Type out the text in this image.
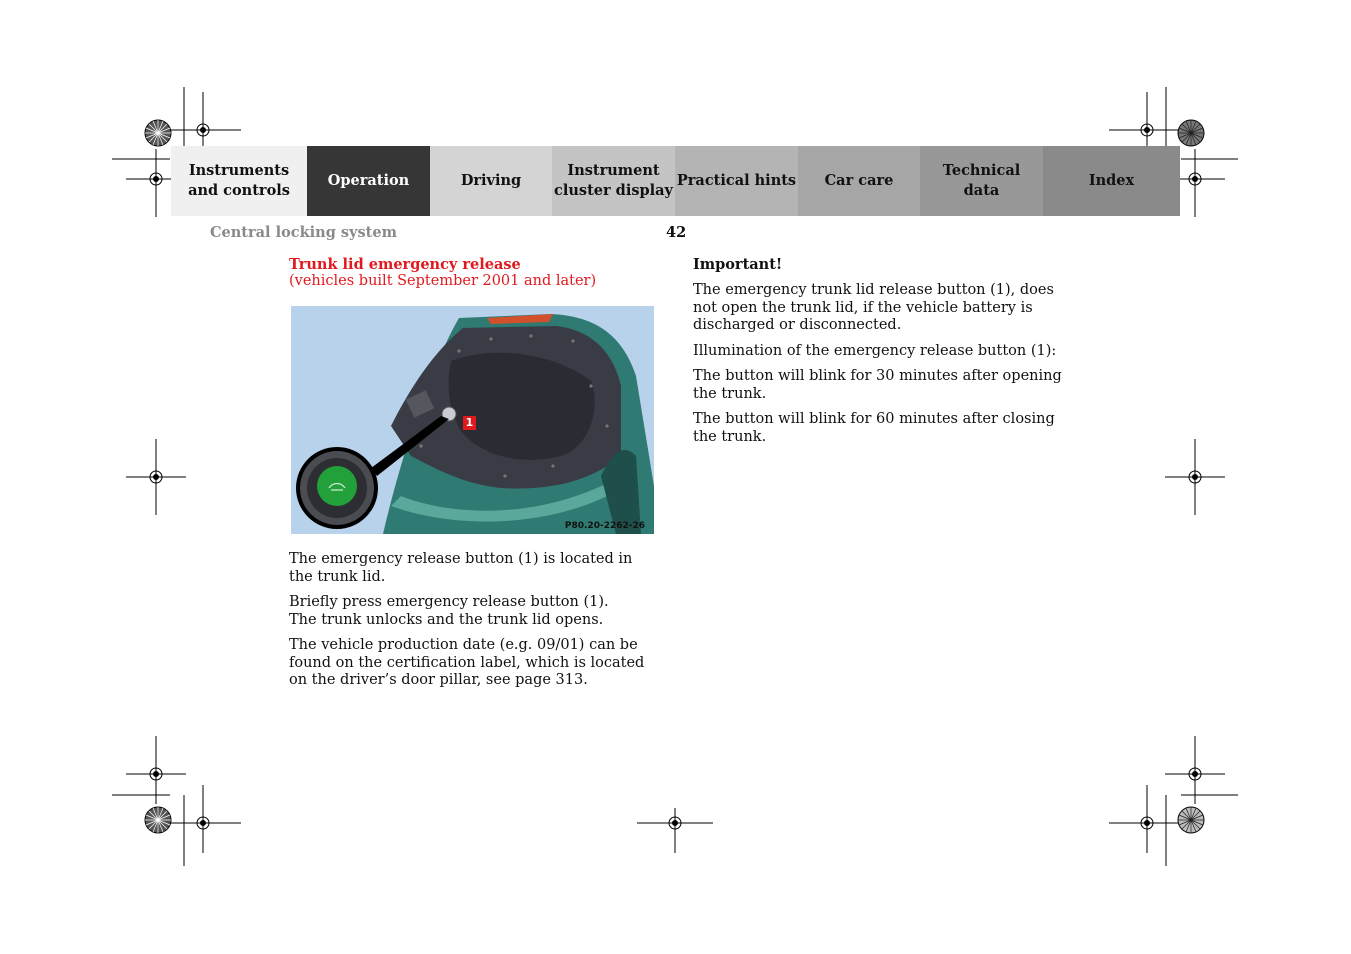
Instruments
and controls
Operation	Driving
Instrument
cluster display
Practical hints	Car care
Technical
data
Index
Central locking system	42
Trunk lid emergency release
(vehicles built September 2001 and later)
1
P80.20-2262-26

The emergency release button (1) is located in the trunk lid.

Briefly press emergency release button (1).
The trunk unlocks and the trunk lid opens.

The vehicle production date (e.g. 09/01) can be found on the certification label, which is located on the driver’s door pillar, see page 313.

Important!

The emergency trunk lid release button (1), does not open the trunk lid, if the vehicle battery is discharged or disconnected.

Illumination of the emergency release button (1):

The button will blink for 30 minutes after opening the trunk.

The button will blink for 60 minutes after closing the trunk.
